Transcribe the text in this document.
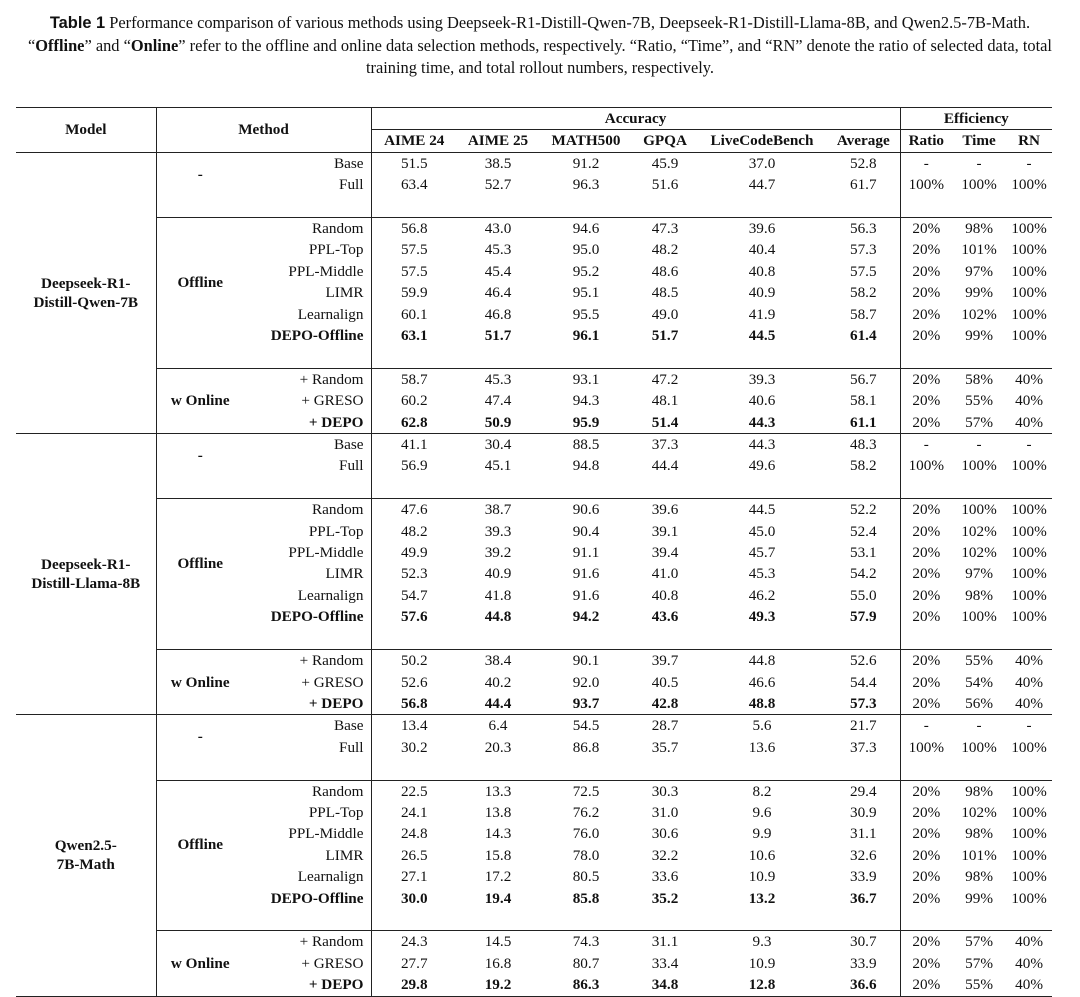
Table 1 Performance comparison of various methods using Deepseek-R1-Distill-Qwen-7B, Deepseek-R1-Distill-Llama-8B, and Qwen2.5-7B-Math. “Offline” and “Online” refer to the offline and online data selection methods, respectively. “Ratio, “Time”, and “RN” denote the ratio of selected data, total training time, and total rollout numbers, respectively.
Model	Method		Accuracy						Efficiency		
			AIME 24	AIME 25	MATH500	GPQA	LiveCodeBench	Average	Ratio	Time	RN

Deepseek-R1-
Distill-Qwen-7B	-	Base	51.5	38.5	91.2	45.9	37.0	52.8	-	-	-
		Full	63.4	52.7	96.3	51.6	44.7	61.7	100%	100%	100%

	Offline	Random	56.8	43.0	94.6	47.3	39.6	56.3	20%	98%	100%
		PPL-Top	57.5	45.3	95.0	48.2	40.4	57.3	20%	101%	100%
		PPL-Middle	57.5	45.4	95.2	48.6	40.8	57.5	20%	97%	100%
		LIMR	59.9	46.4	95.1	48.5	40.9	58.2	20%	99%	100%
		Learnalign	60.1	46.8	95.5	49.0	41.9	58.7	20%	102%	100%
		DEPO-Offline	63.1	51.7	96.1	51.7	44.5	61.4	20%	99%	100%

	w Online	+ Random	58.7	45.3	93.1	47.2	39.3	56.7	20%	58%	40%
		+ GRESO	60.2	47.4	94.3	48.1	40.6	58.1	20%	55%	40%
		+ DEPO	62.8	50.9	95.9	51.4	44.3	61.1	20%	57%	40%

Deepseek-R1-
Distill-Llama-8B	-	Base	41.1	30.4	88.5	37.3	44.3	48.3	-	-	-
		Full	56.9	45.1	94.8	44.4	49.6	58.2	100%	100%	100%

	Offline	Random	47.6	38.7	90.6	39.6	44.5	52.2	20%	100%	100%
		PPL-Top	48.2	39.3	90.4	39.1	45.0	52.4	20%	102%	100%
		PPL-Middle	49.9	39.2	91.1	39.4	45.7	53.1	20%	102%	100%
		LIMR	52.3	40.9	91.6	41.0	45.3	54.2	20%	97%	100%
		Learnalign	54.7	41.8	91.6	40.8	46.2	55.0	20%	98%	100%
		DEPO-Offline	57.6	44.8	94.2	43.6	49.3	57.9	20%	100%	100%

	w Online	+ Random	50.2	38.4	90.1	39.7	44.8	52.6	20%	55%	40%
		+ GRESO	52.6	40.2	92.0	40.5	46.6	54.4	20%	54%	40%
		+ DEPO	56.8	44.4	93.7	42.8	48.8	57.3	20%	56%	40%

Qwen2.5-
7B-Math	-	Base	13.4	6.4	54.5	28.7	5.6	21.7	-	-	-
		Full	30.2	20.3	86.8	35.7	13.6	37.3	100%	100%	100%

	Offline	Random	22.5	13.3	72.5	30.3	8.2	29.4	20%	98%	100%
		PPL-Top	24.1	13.8	76.2	31.0	9.6	30.9	20%	102%	100%
		PPL-Middle	24.8	14.3	76.0	30.6	9.9	31.1	20%	98%	100%
		LIMR	26.5	15.8	78.0	32.2	10.6	32.6	20%	101%	100%
		Learnalign	27.1	17.2	80.5	33.6	10.9	33.9	20%	98%	100%
		DEPO-Offline	30.0	19.4	85.8	35.2	13.2	36.7	20%	99%	100%

	w Online	+ Random	24.3	14.5	74.3	31.1	9.3	30.7	20%	57%	40%
		+ GRESO	27.7	16.8	80.7	33.4	10.9	33.9	20%	57%	40%
		+ DEPO	29.8	19.2	86.3	34.8	12.8	36.6	20%	55%	40%
